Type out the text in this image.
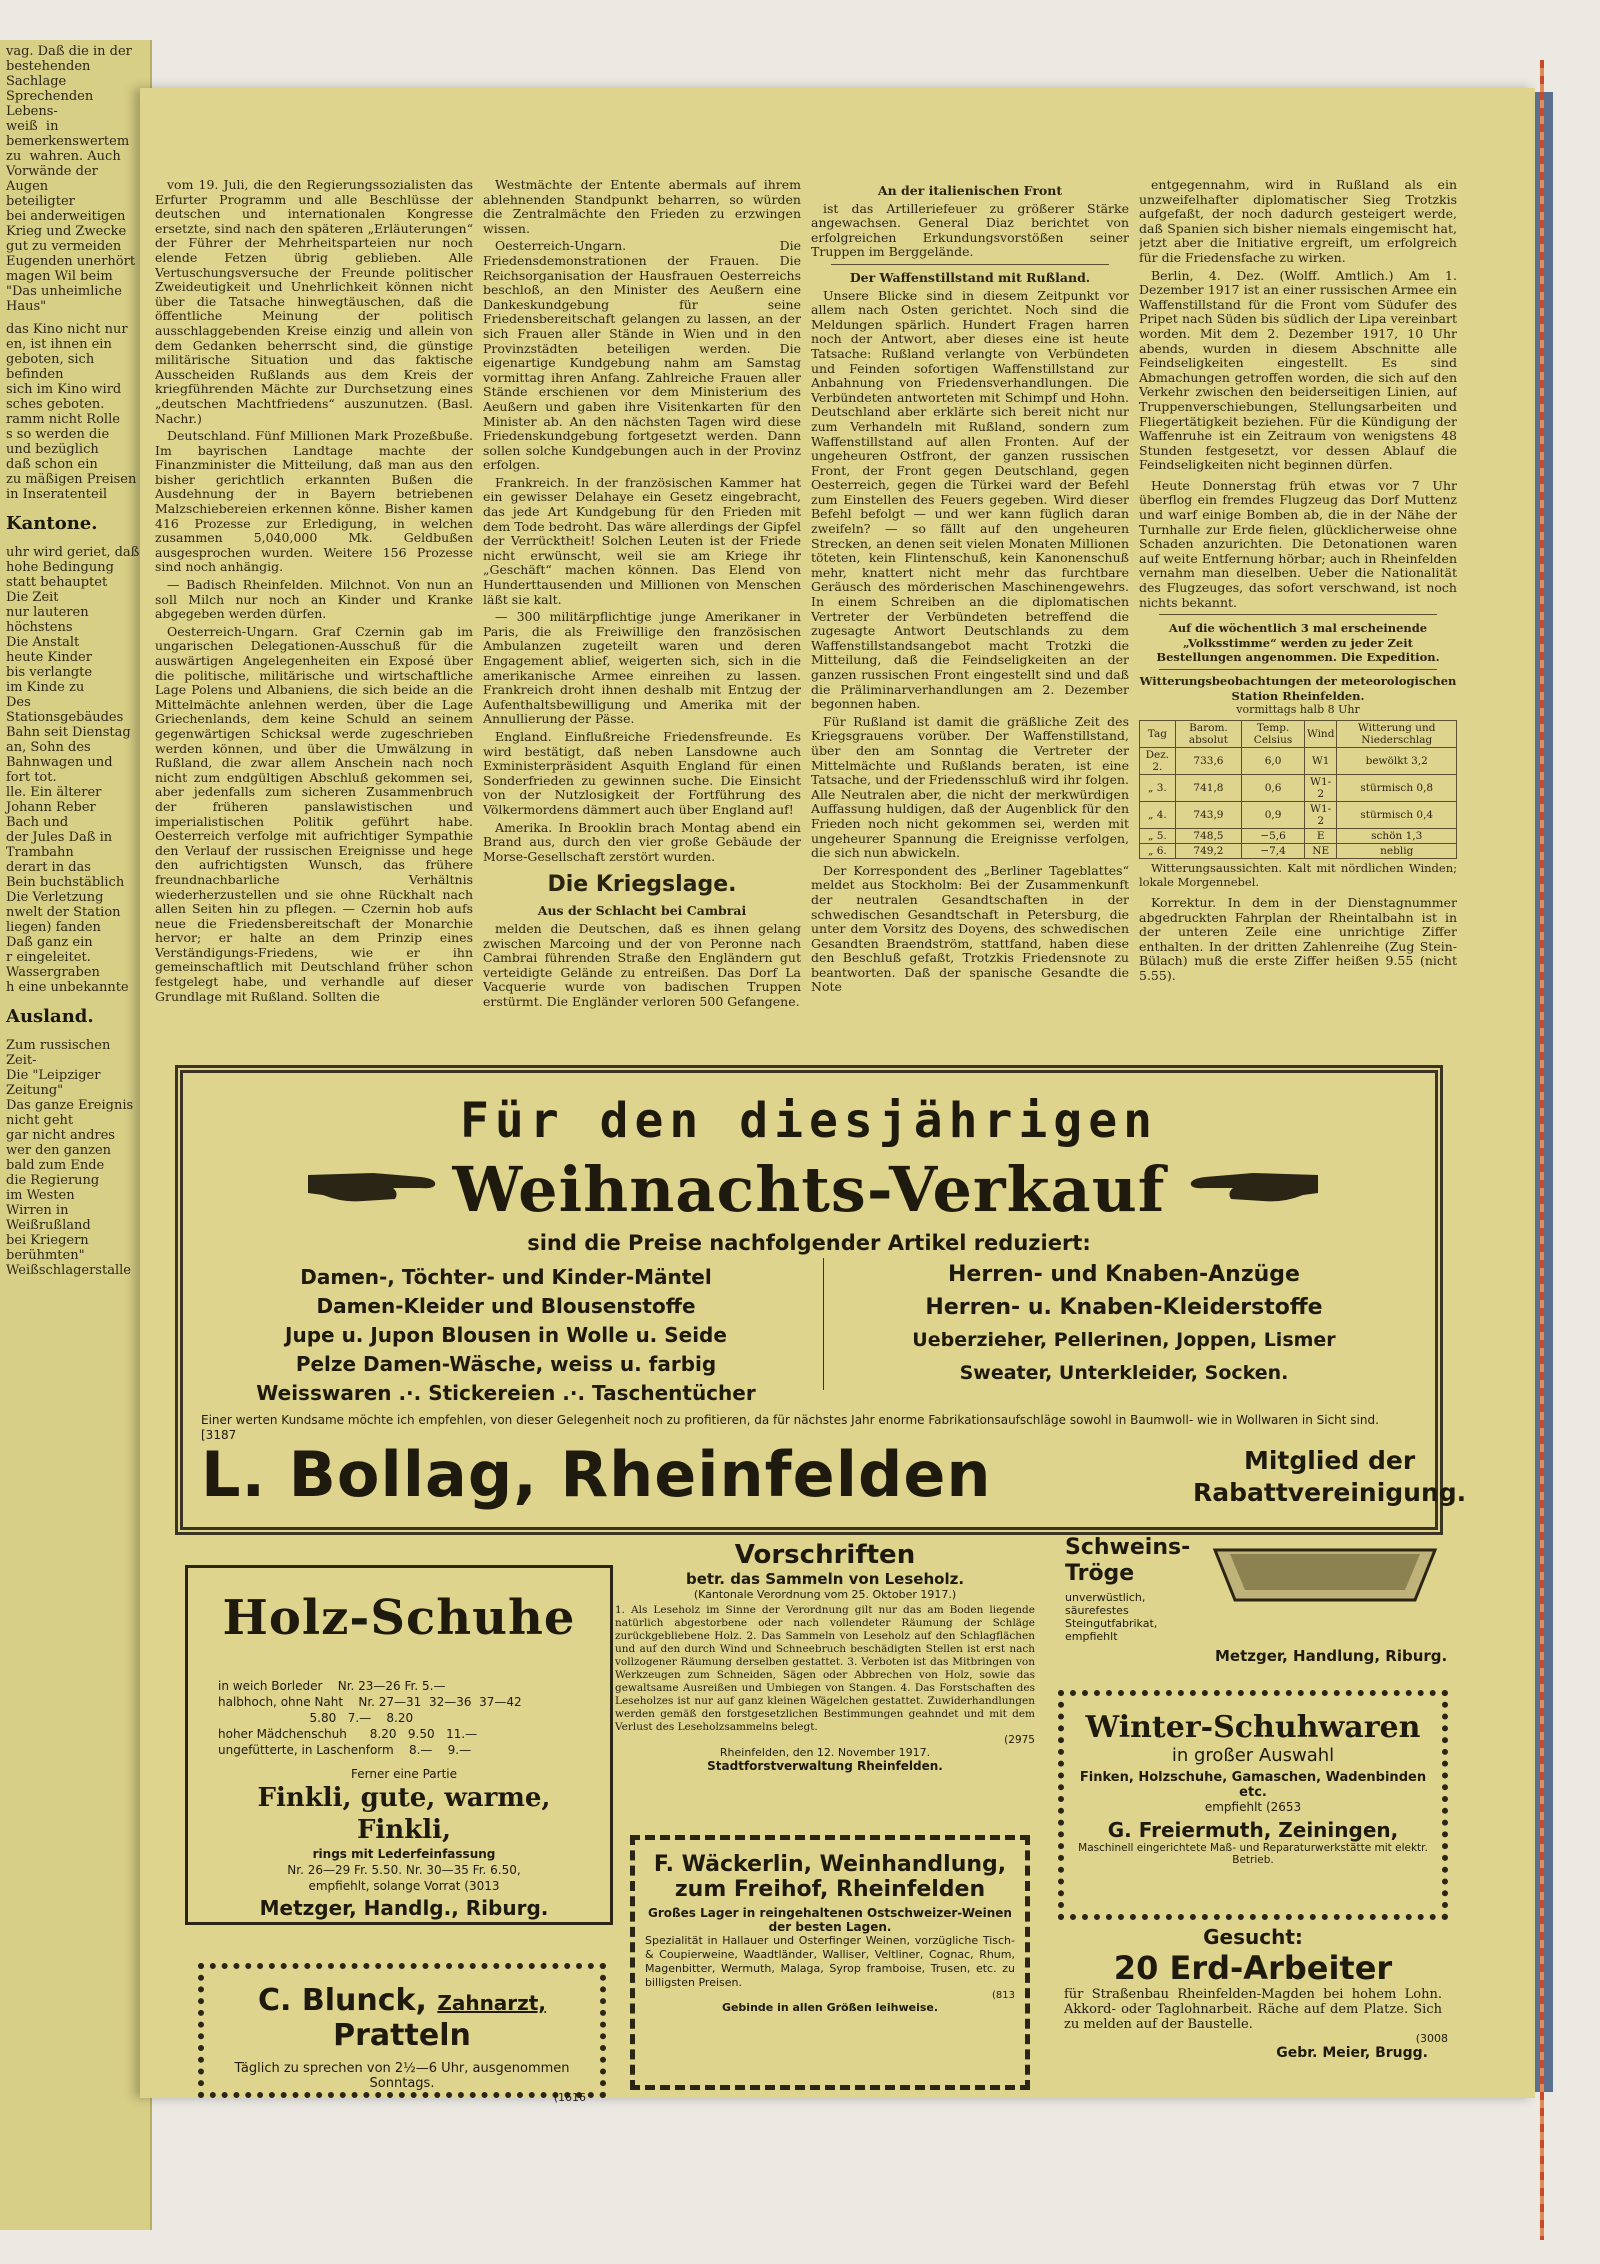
vag. Daß die in der
bestehenden Sachlage
Sprechenden  Lebens-
weiß  in bemerkenswertem
zu  wahren. Auch
Vorwände der Augen
beteiligter
bei anderweitigen
Krieg und Zwecke
gut zu vermeiden
Eugenden unerhört
magen Wil beim
"Das unheimliche Haus"
das Kino nicht nur
en, ist ihnen ein
geboten, sich befinden
sich im Kino wird
sches geboten.
ramm nicht Rolle
s so werden die
und bezüglich
daß schon ein
zu mäßigen Preisen
in Inseratenteil
Kantone.
uhr wird geriet, daß
hohe Bedingung
statt behauptet
Die Zeit
nur lauteren
höchstens
Die Anstalt
heute Kinder
bis verlangte
im Kinde zu
Des Stationsgebäudes
Bahn seit Dienstag
an, Sohn des
Bahnwagen und
fort tot.
lle. Ein älterer
Johann Reber
Bach und
der Jules Daß in
Trambahn
derart in das
Bein buchstäblich
Die Verletzung
nwelt der Station
liegen) fanden
Daß ganz ein
r eingeleitet.
Wassergraben
h eine unbekannte
Ausland.
Zum russischen Zeit-
Die "Leipziger Zeitung"
Das ganze Ereignis
nicht geht
gar nicht andres
wer den ganzen
bald zum Ende
die Regierung
im Westen
Wirren in Weißrußland
bei Kriegern
berühmten" Weißschlagerstalle

vom 19. Juli, die den Regierungssozialisten das Erfurter Programm und alle Beschlüsse der deutschen und internationalen Kongresse ersetzte, sind nach den späteren „Erläuterungen“ der Führer der Mehrheitsparteien nur noch elende Fetzen übrig geblieben. Alle Vertuschungsversuche der Freunde politischer Zweideutigkeit und Unehrlichkeit können nicht über die Tatsache hinwegtäuschen, daß die öffentliche Meinung der politisch ausschlaggebenden Kreise einzig und allein von dem Gedanken beherrscht sind, die günstige militärische Situation und das faktische Ausscheiden Rußlands aus dem Kreis der kriegführenden Mächte zur Durchsetzung eines „deutschen Machtfriedens“ auszunutzen. (Basl. Nachr.)

Deutschland. Fünf Millionen Mark Prozeßbuße. Im bayrischen Landtage machte der Finanzminister die Mitteilung, daß man aus den bisher gerichtlich erkannten Bußen die Ausdehnung der in Bayern betriebenen Malzschiebereien erkennen könne. Bisher kamen 416 Prozesse zur Erledigung, in welchen zusammen 5,040,000 Mk. Geldbußen ausgesprochen wurden. Weitere 156 Prozesse sind noch anhängig.

— Badisch Rheinfelden. Milchnot. Von nun an soll Milch nur noch an Kinder und Kranke abgegeben werden dürfen.

Oesterreich-Ungarn. Graf Czernin gab im ungarischen Delegationen-Ausschuß für die auswärtigen Angelegenheiten ein Exposé über die politische, militärische und wirtschaftliche Lage Polens und Albaniens, die sich beide an die Mittelmächte anlehnen werden, über die Lage Griechenlands, dem keine Schuld an seinem gegenwärtigen Schicksal werde zugeschrieben werden können, und über die Umwälzung in Rußland, die zwar allem Anschein nach noch nicht zum endgültigen Abschluß gekommen sei, aber jedenfalls zum sicheren Zusammenbruch der früheren panslawistischen und imperialistischen Politik geführt habe. Oesterreich verfolge mit aufrichtiger Sympathie den Verlauf der russischen Ereignisse und hege den aufrichtigsten Wunsch, das frühere freundnachbarliche Verhältnis wiederherzustellen und sie ohne Rückhalt nach allen Seiten hin zu pflegen. — Czernin hob aufs neue die Friedensbereitschaft der Monarchie hervor; er halte an dem Prinzip eines Verständigungs-Friedens, wie er ihn gemeinschaftlich mit Deutschland früher schon festgelegt habe, und verhandle auf dieser Grundlage mit Rußland. Sollten die

Westmächte der Entente abermals auf ihrem ablehnenden Standpunkt beharren, so würden die Zentralmächte den Frieden zu erzwingen wissen.

Oesterreich-Ungarn. Die Friedensdemonstrationen der Frauen. Die Reichsorganisation der Hausfrauen Oesterreichs beschloß, an den Minister des Aeußern eine Dankeskundgebung für seine Friedensbereitschaft gelangen zu lassen, an der sich Frauen aller Stände in Wien und in den Provinzstädten beteiligen werden. Die eigenartige Kundgebung nahm am Samstag vormittag ihren Anfang. Zahlreiche Frauen aller Stände erschienen vor dem Ministerium des Aeußern und gaben ihre Visitenkarten für den Minister ab. An den nächsten Tagen wird diese Friedenskundgebung fortgesetzt werden. Dann sollen solche Kundgebungen auch in der Provinz erfolgen.

Frankreich. In der französischen Kammer hat ein gewisser Delahaye ein Gesetz eingebracht, das jede Art Kundgebung für den Frieden mit dem Tode bedroht. Das wäre allerdings der Gipfel der Verrücktheit! Solchen Leuten ist der Friede nicht erwünscht, weil sie am Kriege ihr „Geschäft“ machen können. Das Elend von Hunderttausenden und Millionen von Menschen läßt sie kalt.

— 300 militärpflichtige junge Amerikaner in Paris, die als Freiwillige den französischen Ambulanzen zugeteilt waren und deren Engagement ablief, weigerten sich, sich in die amerikanische Armee einreihen zu lassen. Frankreich droht ihnen deshalb mit Entzug der Aufenthaltsbewilligung und Amerika mit der Annullierung der Pässe.

England. Einflußreiche Friedensfreunde. Es wird bestätigt, daß neben Lansdowne auch Exministerpräsident Asquith England für einen Sonderfrieden zu gewinnen suche. Die Einsicht von der Nutzlosigkeit der Fortführung des Völkermordens dämmert auch über England auf!

Amerika. In Brooklin brach Montag abend ein Brand aus, durch den vier große Gebäude der Morse-Gesellschaft zerstört wurden.

Die Kriegslage.

Aus der Schlacht bei Cambrai

melden die Deutschen, daß es ihnen gelang zwischen Marcoing und der von Peronne nach Cambrai führenden Straße den Engländern gut verteidigte Gelände zu entreißen. Das Dorf La Vacquerie wurde von badischen Truppen erstürmt. Die Engländer verloren 500 Gefangene.

An der italienischen Front

ist das Artilleriefeuer zu größerer Stärke angewachsen. General Diaz berichtet von erfolgreichen Erkundungsvorstößen seiner Truppen im Berggelände.

Der Waffenstillstand mit Rußland.

Unsere Blicke sind in diesem Zeitpunkt vor allem nach Osten gerichtet. Noch sind die Meldungen spärlich. Hundert Fragen harren noch der Antwort, aber dieses eine ist heute Tatsache: Rußland verlangte von Verbündeten und Feinden sofortigen Waffenstillstand zur Anbahnung von Friedensverhandlungen. Die Verbündeten antworteten mit Schimpf und Hohn. Deutschland aber erklärte sich bereit nicht nur zum Verhandeln mit Rußland, sondern zum Waffenstillstand auf allen Fronten. Auf der ungeheuren Ostfront, der ganzen russischen Front, der Front gegen Deutschland, gegen Oesterreich, gegen die Türkei ward der Befehl zum Einstellen des Feuers gegeben. Wird dieser Befehl befolgt — und wer kann füglich daran zweifeln? — so fällt auf den ungeheuren Strecken, an denen seit vielen Monaten Millionen töteten, kein Flintenschuß, kein Kanonenschuß mehr, knattert nicht mehr das furchtbare Geräusch des mörderischen Maschinengewehrs. In einem Schreiben an die diplomatischen Vertreter der Verbündeten betreffend die zugesagte Antwort Deutschlands zu dem Waffenstillstandsangebot macht Trotzki die Mitteilung, daß die Feindseligkeiten an der ganzen russischen Front eingestellt sind und daß die Präliminarverhandlungen am 2. Dezember begonnen haben.

Für Rußland ist damit die gräßliche Zeit des Kriegsgrauens vorüber. Der Waffenstillstand, über den am Sonntag die Vertreter der Mittelmächte und Rußlands beraten, ist eine Tatsache, und der Friedensschluß wird ihr folgen. Alle Neutralen aber, die nicht der merkwürdigen Auffassung huldigen, daß der Augenblick für den Frieden noch nicht gekommen sei, werden mit ungeheurer Spannung die Ereignisse verfolgen, die sich nun abwickeln.

Der Korrespondent des „Berliner Tageblattes“ meldet aus Stockholm: Bei der Zusammenkunft der neutralen Gesandtschaften in der schwedischen Gesandtschaft in Petersburg, die unter dem Vorsitz des Doyens, des schwedischen Gesandten Braendström, stattfand, haben diese den Beschluß gefaßt, Trotzkis Friedensnote zu beantworten. Daß der spanische Gesandte die Note

entgegennahm, wird in Rußland als ein unzweifelhafter diplomatischer Sieg Trotzkis aufgefaßt, der noch dadurch gesteigert werde, daß Spanien sich bisher niemals eingemischt hat, jetzt aber die Initiative ergreift, um erfolgreich für die Friedensfache zu wirken.

Berlin, 4. Dez. (Wolff. Amtlich.) Am 1. Dezember 1917 ist an einer russischen Armee ein Waffenstillstand für die Front vom Südufer des Pripet nach Süden bis südlich der Lipa vereinbart worden. Mit dem 2. Dezember 1917, 10 Uhr abends, wurden in diesem Abschnitte alle Feindseligkeiten eingestellt. Es sind Abmachungen getroffen worden, die sich auf den Verkehr zwischen den beiderseitigen Linien, auf Truppenverschiebungen, Stellungsarbeiten und Fliegertätigkeit beziehen. Für die Kündigung der Waffenruhe ist ein Zeitraum von wenigstens 48 Stunden festgesetzt, vor dessen Ablauf die Feindseligkeiten nicht beginnen dürfen.

Heute Donnerstag früh etwas vor 7 Uhr überflog ein fremdes Flugzeug das Dorf Muttenz und warf einige Bomben ab, die in der Nähe der Turnhalle zur Erde fielen, glücklicherweise ohne Schaden anzurichten. Die Detonationen waren auf weite Entfernung hörbar; auch in Rheinfelden vernahm man dieselben. Ueber die Nationalität des Flugzeuges, das sofort verschwand, ist noch nichts bekannt.

Auf die wöchentlich 3 mal erscheinende „Volksstimme“ werden zu jeder Zeit Bestellungen angenommen. Die Expedition.

Witterungsbeobachtungen der meteorologischen Station Rheinfelden.

vormittags halb 8 Uhr

Tag	Barom. absolut	Temp. Celsius	Wind	Witterung und Niederschlag
Dez. 2.	733,6	6,0	W1	bewölkt 3,2
„ 3.	741,8	0,6	W1-2	stürmisch 0,8
„ 4.	743,9	0,9	W1-2	stürmisch 0,4
„ 5.	748,5	−5,6	E	schön 1,3
„ 6.	749,2	−7,4	NE	neblig

Witterungsaussichten. Kalt mit nördlichen Winden; lokale Morgennebel.

Korrektur. In dem in der Dienstagnummer abgedruckten Fahrplan der Rheintalbahn ist in der unteren Zeile eine unrichtige Ziffer enthalten. In der dritten Zahlenreihe (Zug Stein-Bülach) muß die erste Ziffer heißen 9.55 (nicht 5.55).

Für den diesjährigen
Weihnachts-Verkauf
sind die Preise nachfolgender Artikel reduziert:
Damen-, Töchter- und Kinder-Mäntel
Damen-Kleider und Blousenstoffe
Jupe u. Jupon Blousen in Wolle u. Seide
Pelze Damen-Wäsche, weiss u. farbig
Weisswaren .·. Stickereien .·. Taschentücher
Herren- und Knaben-Anzüge
Herren- u. Knaben-Kleiderstoffe
Ueberzieher, Pellerinen, Joppen, Lismer
Sweater, Unterkleider, Socken.
Einer werten Kundsame möchte ich empfehlen, von dieser Gelegenheit noch zu profitieren, da für nächstes Jahr enorme Fabrikationsaufschläge sowohl in Baumwoll- wie in Wollwaren in Sicht sind. [3187
L. Bollag, Rheinfelden	Mitglied der
Rabattvereinigung.
Holz-Schuhe
in weich Borleder    Nr. 23—26 Fr. 5.—
halbhoch, ohne Naht    Nr. 27—31  32—36  37—42
5.80   7.—    8.20
hoher Mädchenschuh      8.20   9.50   11.—
ungefütterte, in Laschenform    8.—    9.—
Ferner eine Partie
Finkli, gute, warme, Finkli,
rings mit Lederfeinfassung
Nr. 26—29 Fr. 5.50. Nr. 30—35 Fr. 6.50,
empfiehlt, solange Vorrat (3013
Metzger, Handlg., Riburg.
C. Blunck, Zahnarzt, Pratteln
Täglich zu sprechen von 2½—6 Uhr, ausgenommen Sonntags.
(1616
Vorschriften
betr. das Sammeln von Leseholz.
(Kantonale Verordnung vom 25. Oktober 1917.)
1. Als Leseholz im Sinne der Verordnung gilt nur das am Boden liegende natürlich abgestorbene oder nach vollendeter Räumung der Schläge zurückgebliebene Holz. 2. Das Sammeln von Leseholz auf den Schlagflächen und auf den durch Wind und Schneebruch beschädigten Stellen ist erst nach vollzogener Räumung derselben gestattet. 3. Verboten ist das Mitbringen von Werkzeugen zum Schneiden, Sägen oder Abbrechen von Holz, sowie das gewaltsame Ausreißen und Umbiegen von Stangen. 4. Das Forstschaften des Leseholzes ist nur auf ganz kleinen Wägelchen gestattet. Zuwiderhandlungen werden gemäß den forstgesetzlichen Bestimmungen geahndet und mit dem Verlust des Leseholzsammelns belegt.
(2975
Rheinfelden, den 12. November 1917.
Stadtforstverwaltung Rheinfelden.
F. Wäckerlin, Weinhandlung,
zum Freihof, Rheinfelden
Großes Lager in reingehaltenen Ostschweizer-Weinen der besten Lagen.
Spezialität in Hallauer und Osterfinger Weinen, vorzügliche Tisch- & Coupierweine, Waadtländer, Walliser, Veltliner, Cognac, Rhum, Magenbitter, Wermuth, Malaga, Syrop framboise, Trusen, etc. zu billigsten Preisen.
(813
Gebinde in allen Größen leihweise.
Schweins-
Tröge
unverwüstlich, säurefestes Steingutfabrikat, empfiehlt
Metzger, Handlung, Riburg.
Winter-Schuhwaren
in großer Auswahl
Finken, Holzschuhe, Gamaschen, Wadenbinden etc.
empfiehlt (2653
G. Freiermuth, Zeiningen,
Maschinell eingerichtete Maß- und Reparaturwerkstätte mit elektr. Betrieb.
Gesucht:
20 Erd-Arbeiter
für Straßenbau Rheinfelden-Magden bei hohem Lohn. Akkord- oder Taglohnarbeit. Räche auf dem Platze. Sich zu melden auf der Baustelle.
(3008
Gebr. Meier, Brugg.
